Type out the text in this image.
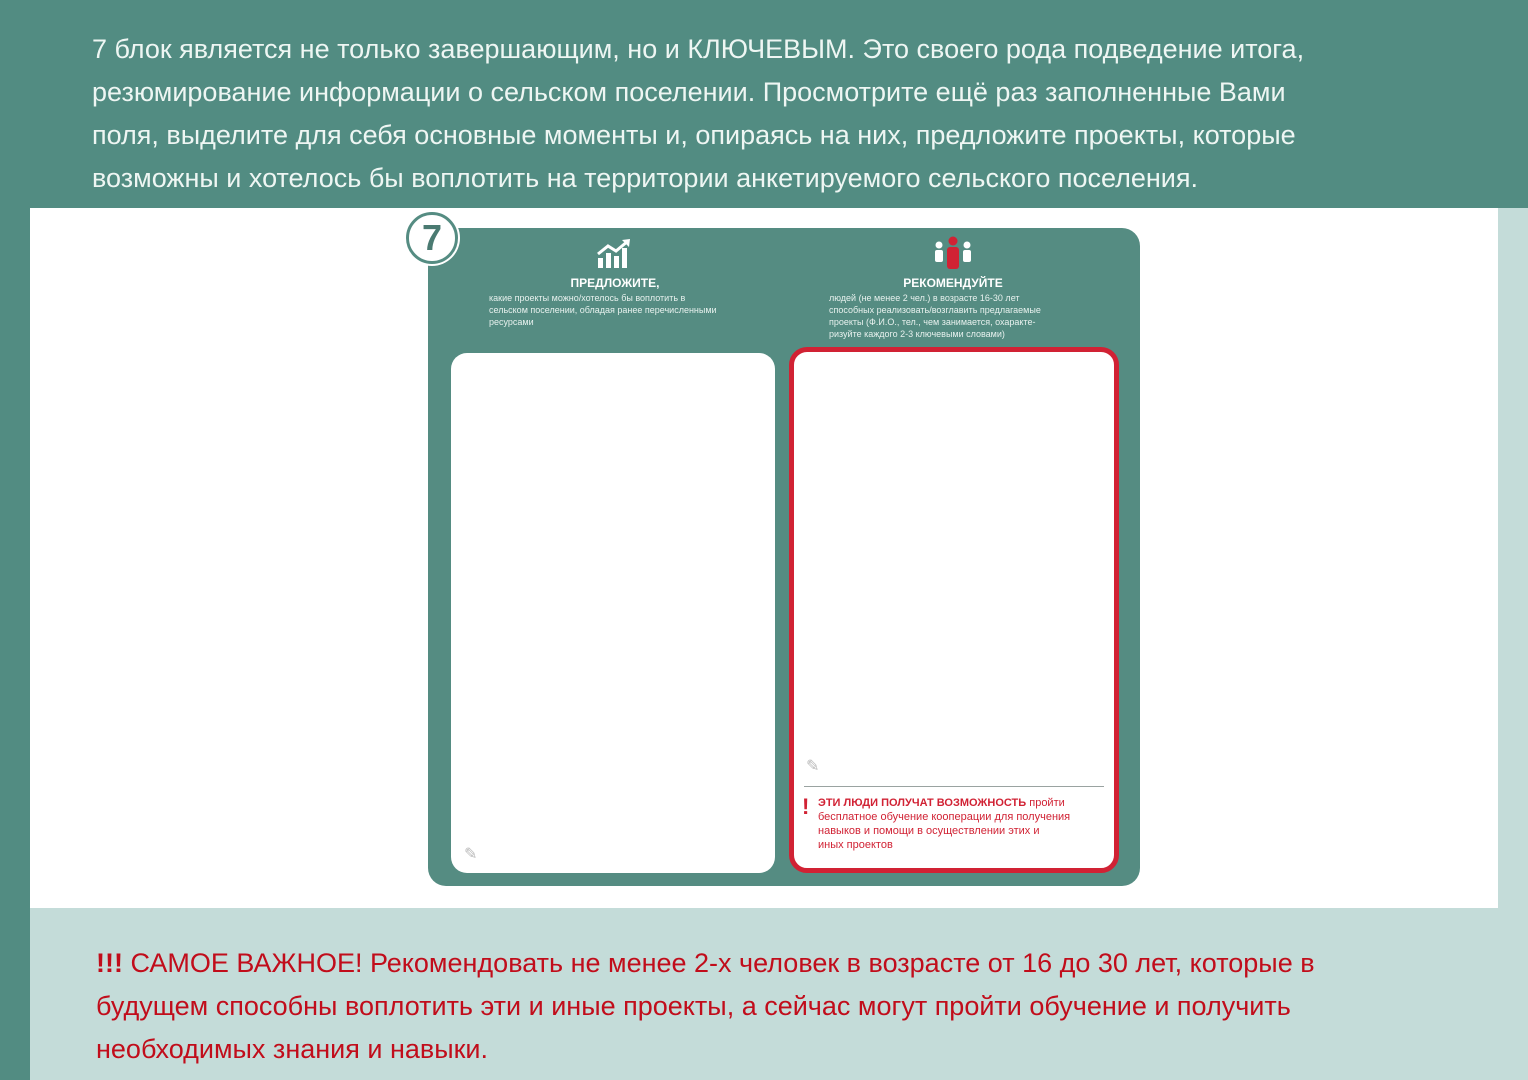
7 блок является не только завершающим, но и КЛЮЧЕВЫМ. Это своего рода подведение итога,
резюмирование информации о сельском поселении. Просмотрите ещё раз заполненные Вами
поля, выделите для себя основные моменты и, опираясь на них, предложите проекты, которые
возможны и хотелось бы воплотить на территории анкетируемого сельского поселения.

7
ПРЕДЛОЖИТЕ,
какие проекты можно/хотелось бы воплотить в
сельском поселении, обладая ранее перечисленными
ресурсами
✎
РЕКОМЕНДУЙТЕ
людей (не менее 2 чел.) в возрасте 16-30 лет
способных реализовать/возглавить предлагаемые
проекты (Ф.И.О., тел., чем занимается, охаракте-
ризуйте каждого 2-3 ключевыми словами)
✎
! ЭТИ ЛЮДИ ПОЛУЧАТ ВОЗМОЖНОСТЬ пройти
бесплатное обучение кооперации для получения
навыков и помощи в осуществлении этих и
иных проектов

!!! САМОЕ ВАЖНОЕ! Рекомендовать не менее 2-х человек в возрасте от 16 до 30 лет, которые в
будущем способны воплотить эти и иные проекты, а сейчас могут пройти обучение и получить
необходимых знания и навыки.
